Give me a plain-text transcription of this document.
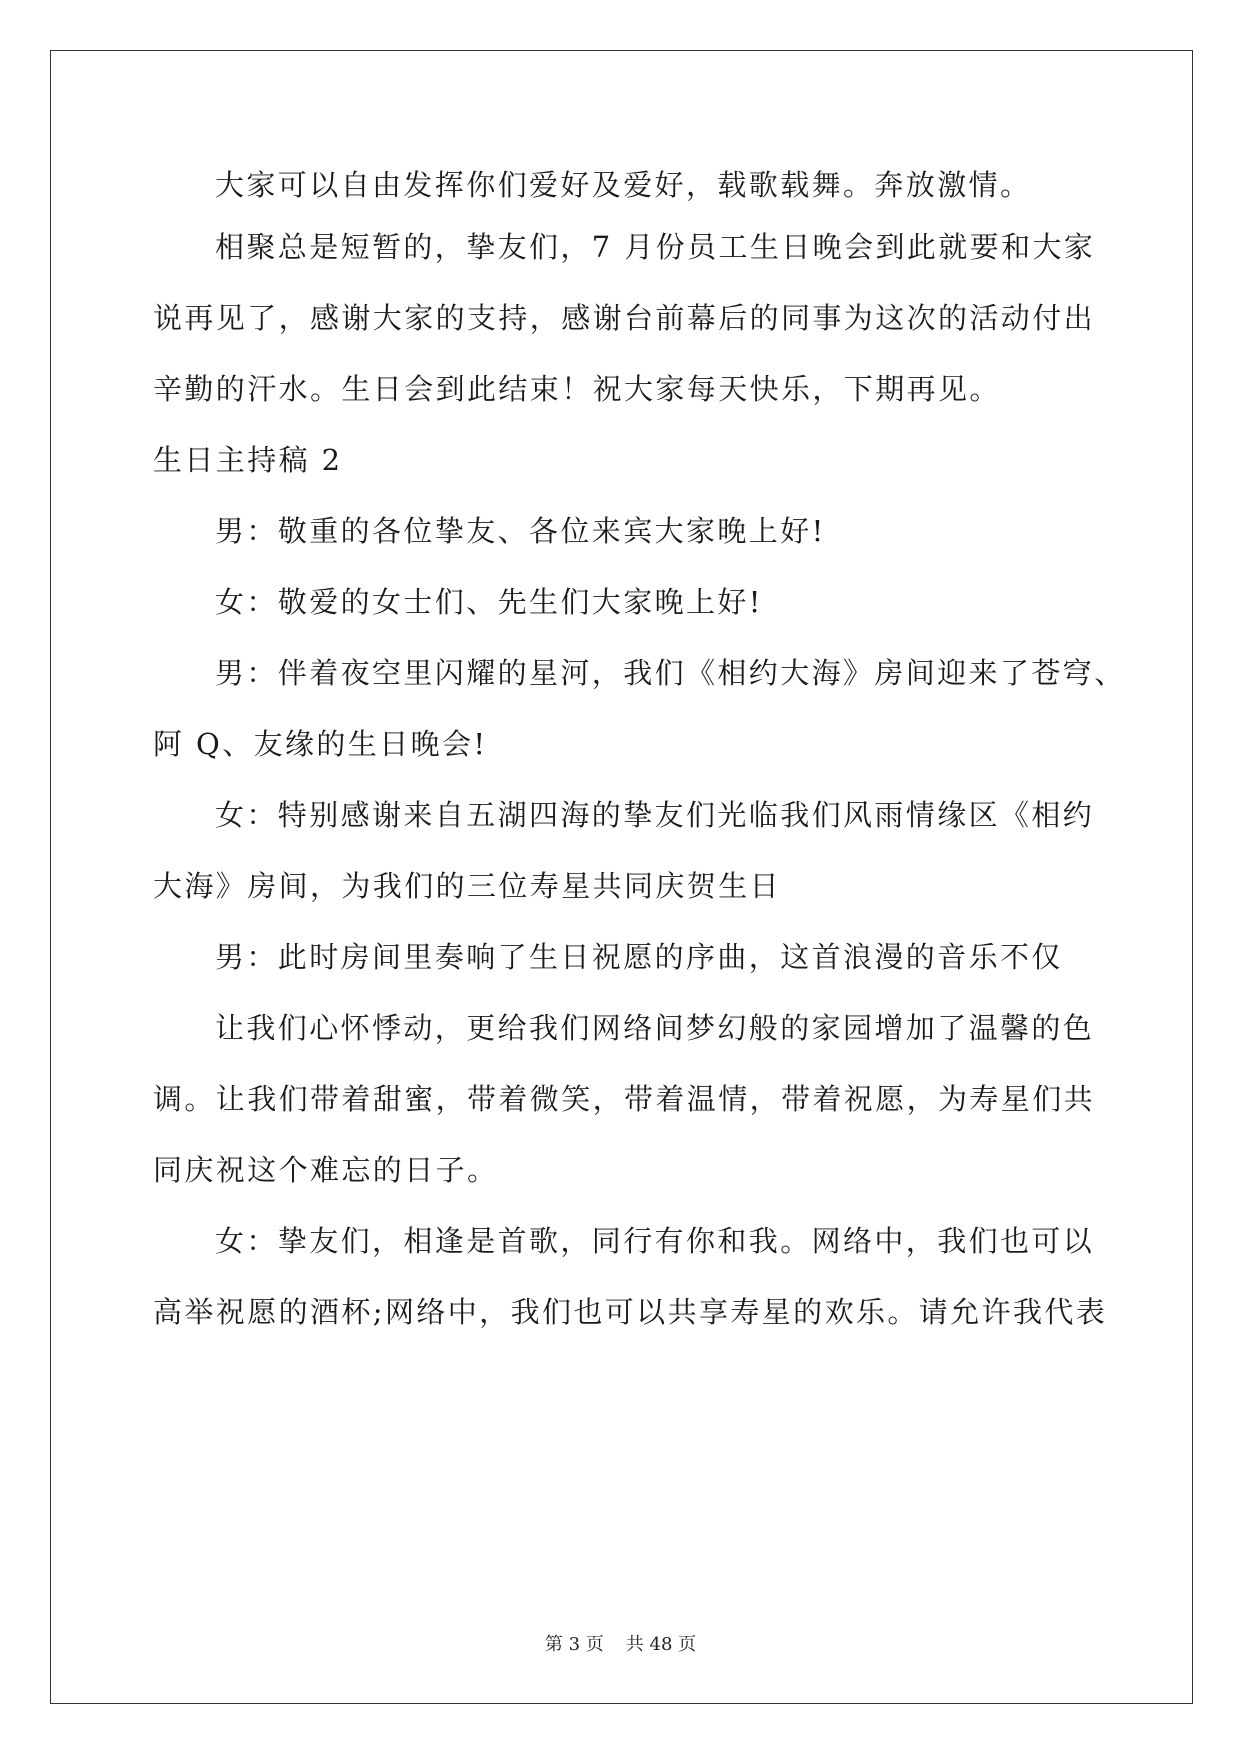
大家可以自由发挥你们爱好及爱好，载歌载舞。奔放激情。
相聚总是短暂的，挚友们，7 月份员工生日晚会到此就要和大家
说再见了，感谢大家的支持，感谢台前幕后的同事为这次的活动付出
辛勤的汗水。生日会到此结束！祝大家每天快乐，下期再见。
生日主持稿 2
男：敬重的各位挚友、各位来宾大家晚上好!
女：敬爱的女士们、先生们大家晚上好!
男：伴着夜空里闪耀的星河，我们《相约大海》房间迎来了苍穹、
阿 Q、友缘的生日晚会!
女：特别感谢来自五湖四海的挚友们光临我们风雨情缘区《相约
大海》房间，为我们的三位寿星共同庆贺生日
男：此时房间里奏响了生日祝愿的序曲，这首浪漫的音乐不仅
让我们心怀悸动，更给我们网络间梦幻般的家园增加了温馨的色
调。让我们带着甜蜜，带着微笑，带着温情，带着祝愿，为寿星们共
同庆祝这个难忘的日子。
女：挚友们，相逢是首歌，同行有你和我。网络中，我们也可以
高举祝愿的酒杯;网络中，我们也可以共享寿星的欢乐。请允许我代表
第 3 页 共 48 页
